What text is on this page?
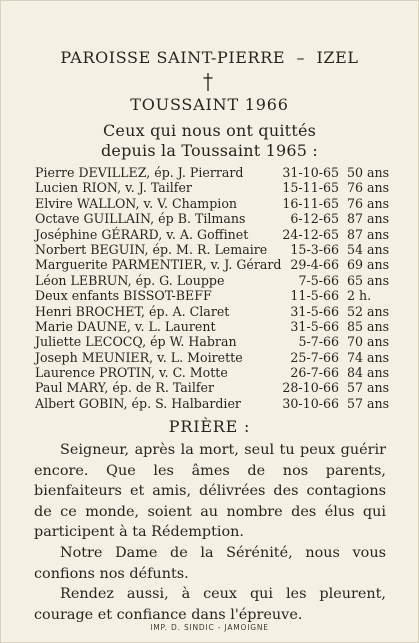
PAROISSE SAINT-PIERRE  –  IZEL
TOUSSAINT 1966
Ceux qui nous ont quittés
depuis la Toussaint 1965 :
Pierre DEVILLEZ, ép. J. Pierrard	31-10-65 50 ans
Lucien RION, v. J. Tailfer	15-11-65 76 ans
Elvire WALLON, v. V. Champion	16-11-65 76 ans
Octave GUILLAIN, ép B. Tilmans	6-12-65 87 ans
Joséphine GÉRARD, v. A. Goffinet	24-12-65 87 ans
Norbert BEGUIN, ép. M. R. Lemaire 15-3-66 54 ans
Marguerite PARMENTIER, v. J. Gérard 29-4-66 69 ans
Léon LEBRUN, ép. G. Louppe	7-5-66 65 ans
Deux enfants BISSOT-BEFF	11-5-66 2 h.
Henri BROCHET, ép. A. Claret	31-5-66 52 ans
Marie DAUNE, v. L. Laurent	31-5-66 85 ans
Juliette LECOCQ, ép W. Habran	5-7-66 70 ans
Joseph MEUNIER, v. L. Moirette	25-7-66 74 ans
Laurence PROTIN, v. C. Motte	26-7-66 84 ans
Paul MARY, ép. de R. Tailfer	28-10-66 57 ans
Albert GOBIN, ép. S. Halbardier	30-10-66 57 ans
PRIÈRE :

Seigneur, après la mort, seul tu peux guérir encore. Que les âmes de nos parents, bienfaiteurs et amis, délivrées des contagions de ce monde, soient au nombre des élus qui participent à ta Rédemption.

Notre Dame de la Sérénité, nous vous confions nos défunts.

Rendez aussi, à ceux qui les pleurent, courage et confiance dans l'épreuve.

IMP. D. SINDIC - JAMOIGNE
